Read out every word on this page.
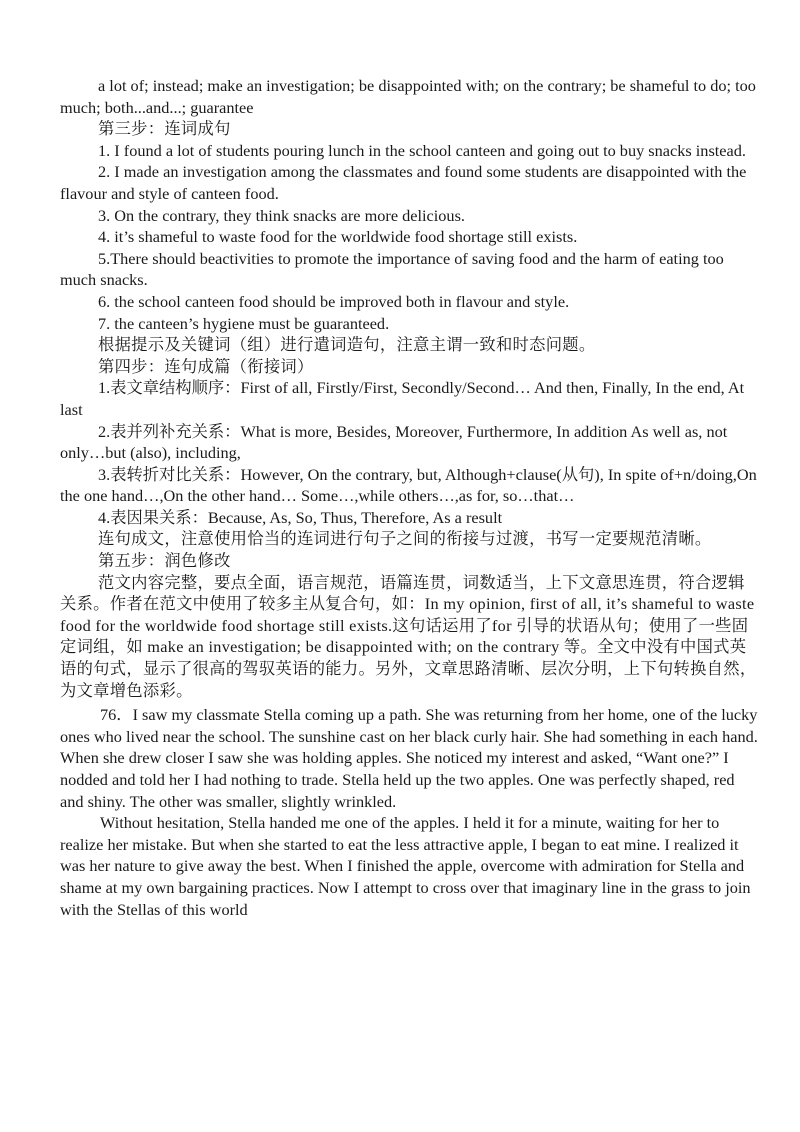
a lot of; instead; make an investigation; be disappointed with; on the contrary; be shameful to do; too much; both...and...; guarantee

第三步：连词成句

1. I found a lot of students pouring lunch in the school canteen and going out to buy snacks instead.

2. I made an investigation among the classmates and found some students are disappointed with the flavour and style of canteen food.

3. On the contrary, they think snacks are more delicious.

4. it’s shameful to waste food for the worldwide food shortage still exists.

5.There should beactivities to promote the importance of saving food and the harm of eating too much snacks.

6. the school canteen food should be improved both in flavour and style.

7. the canteen’s hygiene must be guaranteed.

根据提示及关键词（组）进行遣词造句，注意主谓一致和时态问题。

第四步：连句成篇（衔接词）

1.表文章结构顺序：First of all, Firstly/First, Secondly/Second… And then, Finally, In the end, At last

2.表并列补充关系：What is more, Besides, Moreover, Furthermore, In addition As well as, not only…but (also), including,

3.表转折对比关系：However, On the contrary, but, Although+clause(从句), In spite of+n/doing,On the one hand…,On the other hand… Some…,while others…,as for, so…that…

4.表因果关系：Because, As, So, Thus, Therefore, As a result

连句成文，注意使用恰当的连词进行句子之间的衔接与过渡，书写一定要规范清晰。

第五步：润色修改

范文内容完整，要点全面，语言规范，语篇连贯，词数适当，上下文意思连贯，符合逻辑关系。作者在范文中使用了较多主从复合句，如：In my opinion, first of all, it’s shameful to waste food for the worldwide food shortage still exists.这句话运用了for 引导的状语从句；使用了一些固定词组，如 make an investigation; be disappointed with; on the contrary 等。全文中没有中国式英语的句式，显示了很高的驾驭英语的能力。另外，文章思路清晰、层次分明，上下句转换自然，为文章增色添彩。

76．I saw my classmate Stella coming up a path. She was returning from her home, one of the lucky ones who lived near the school. The sunshine cast on her black curly hair. She had something in each hand. When she drew closer I saw she was holding apples. She noticed my interest and asked, “Want one?” I nodded and told her I had nothing to trade. Stella held up the two apples. One was perfectly shaped, red and shiny. The other was smaller, slightly wrinkled.

Without hesitation, Stella handed me one of the apples. I held it for a minute, waiting for her to realize her mistake. But when she started to eat the less attractive apple, I began to eat mine. I realized it was her nature to give away the best. When I finished the apple, overcome with admiration for Stella and shame at my own bargaining practices. Now I attempt to cross over that imaginary line in the grass to join with the Stellas of this world
